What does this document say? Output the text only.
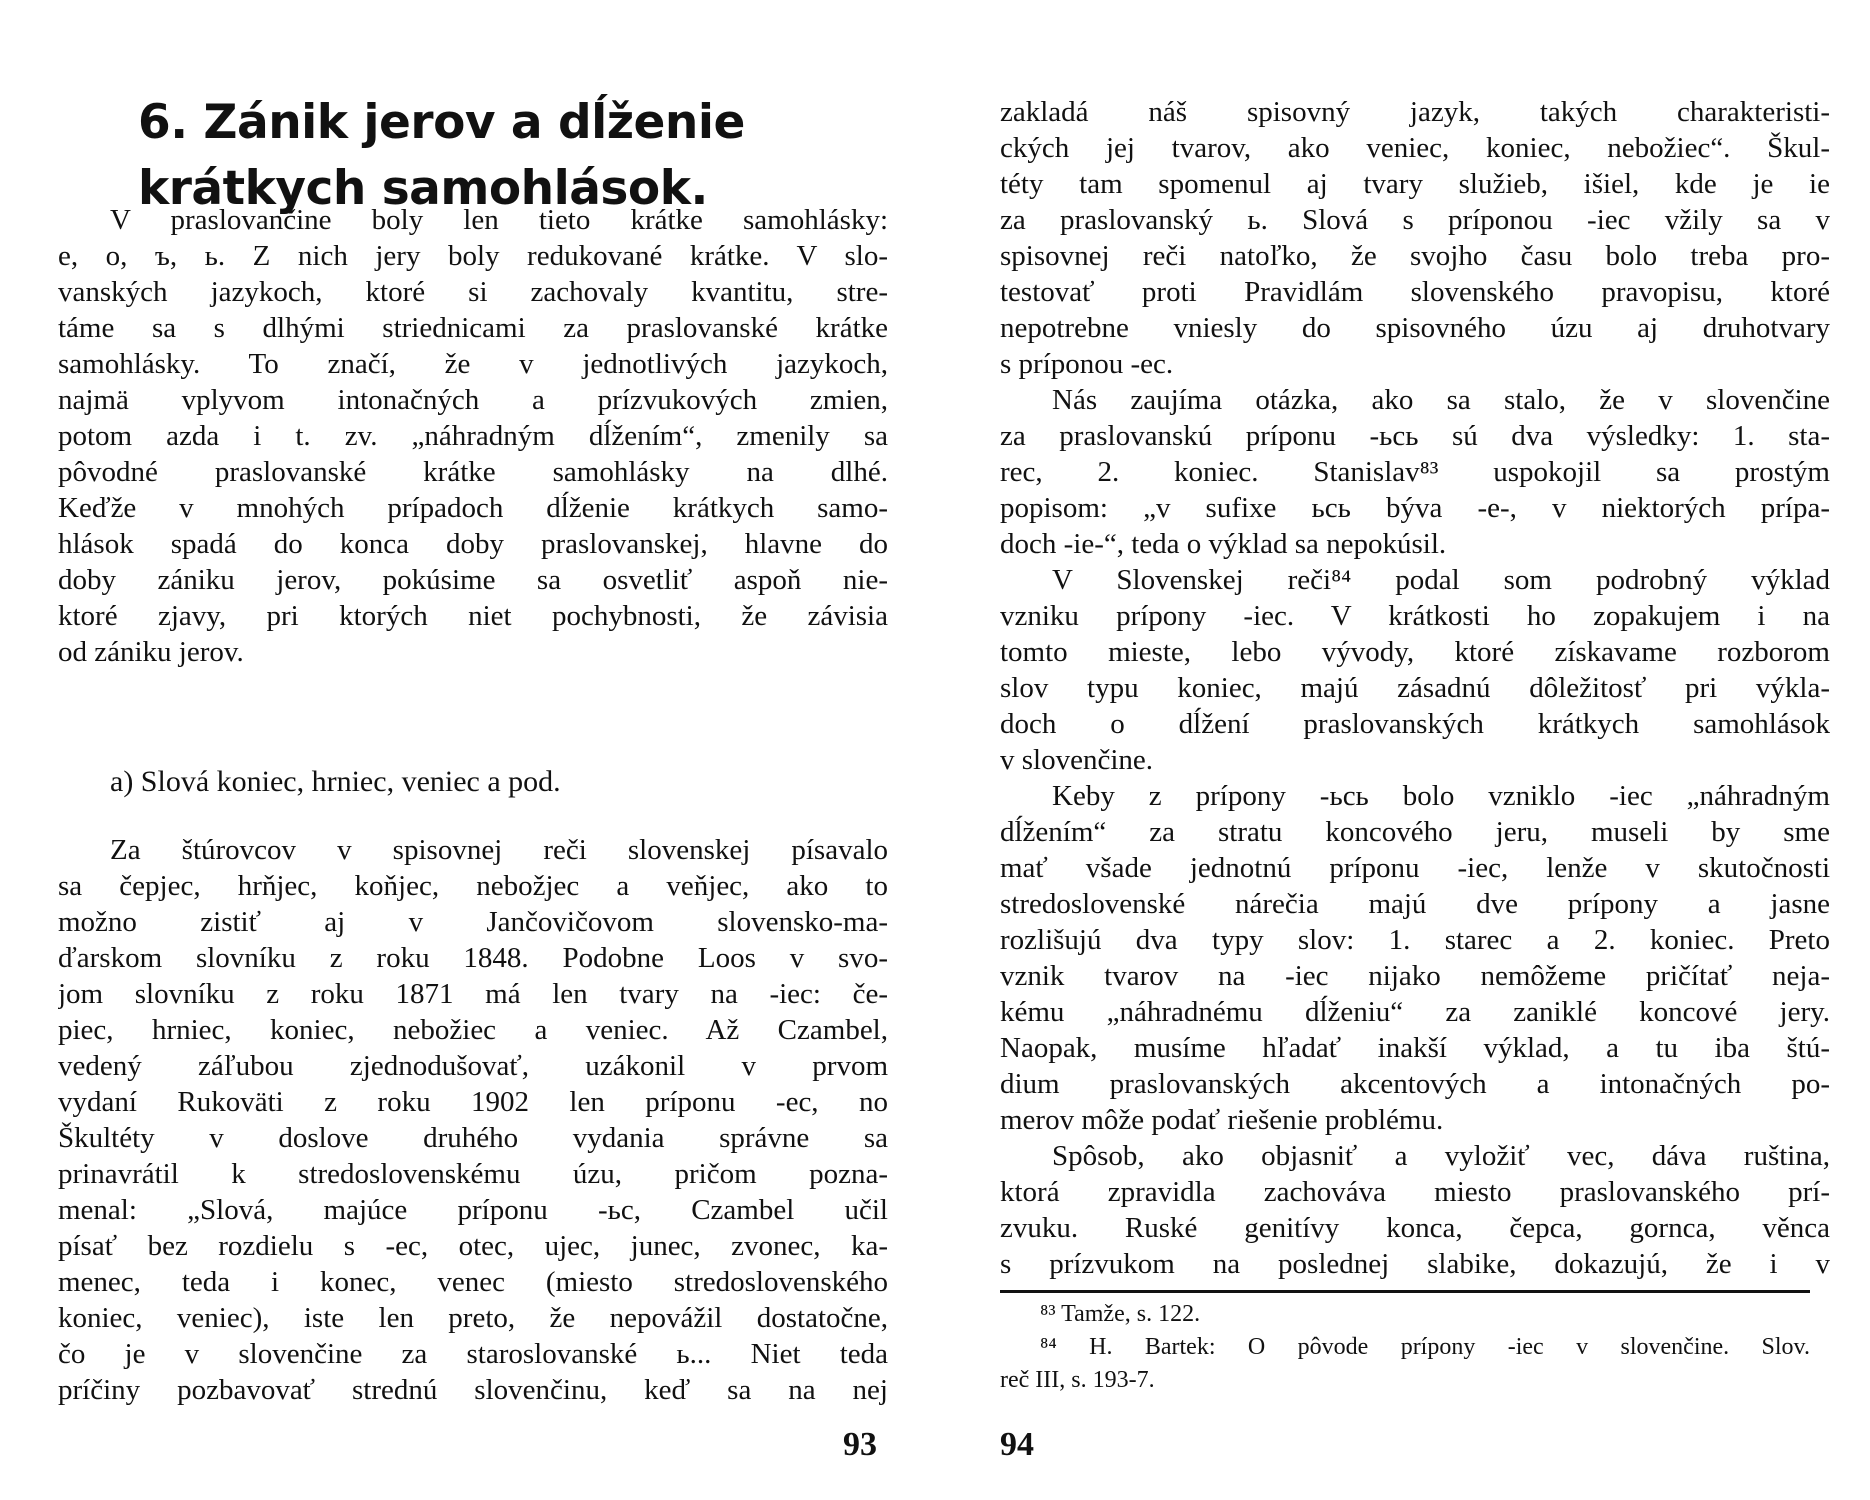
6. Zánik jerov a dĺženie krátkych samohlások.
V praslovančine boly len tieto krátke samohlásky:
e, o, ъ, ь. Z nich jery boly redukované krátke. V slo-
vanských jazykoch, ktoré si zachovaly kvantitu, stre-
táme sa s dlhými striednicami za praslovanské krátke
samohlásky. To značí, že v jednotlivých jazykoch,
najmä vplyvom intonačných a prízvukových zmien,
potom azda i t. zv. „náhradným dĺžením“, zmenily sa
pôvodné praslovanské krátke samohlásky na dlhé.
Keďže v mnohých prípadoch dĺženie krátkych samo-
hlások spadá do konca doby praslovanskej, hlavne do
doby zániku jerov, pokúsime sa osvetliť aspoň nie-
ktoré zjavy, pri ktorých niet pochybnosti, že závisia
od zániku jerov.
a) Slová koniec, hrniec, veniec a pod.
Za štúrovcov v spisovnej reči slovenskej písavalo
sa čepjec, hrňjec, koňjec, nebožjec a veňjec, ako to
možno zistiť aj v Jančovičovom slovensko-ma-
ďarskom slovníku z roku 1848. Podobne Loos v svo-
jom slovníku z roku 1871 má len tvary na -iec: če-
piec, hrniec, koniec, nebožiec a veniec. Až Czambel,
vedený záľubou zjednodušovať, uzákonil v prvom
vydaní Rukoväti z roku 1902 len príponu -ec, no
Škultéty v doslove druhého vydania správne sa
prinavrátil k stredoslovenskému úzu, pričom pozna-
menal: „Slová, majúce príponu -ьc, Czambel učil
písať bez rozdielu s -ec, otec, ujec, junec, zvonec, ka-
menec, teda i konec, venec (miesto stredoslovenského
koniec, veniec), iste len preto, že nepovážil dostatočne,
čo je v slovenčine za staroslovanské ь... Niet teda
príčiny pozbavovať strednú slovenčinu, keď sa na nej
93
zakladá náš spisovný jazyk, takých charakteristi-
ckých jej tvarov, ako veniec, koniec, nebožiec“. Škul-
téty tam spomenul aj tvary služieb, išiel, kde je ie
za praslovanský ь. Slová s príponou -iec vžily sa v
spisovnej reči natoľko, že svojho času bolo treba pro-
testovať proti Pravidlám slovenského pravopisu, ktoré
nepotrebne vniesly do spisovného úzu aj druhotvary
s príponou -ec.
Nás zaujíma otázka, ako sa stalo, že v slovenčine
za praslovanskú príponu -ьcь sú dva výsledky: 1. sta-
rec, 2. koniec. Stanislav⁸³ uspokojil sa prostým
popisom: „v sufixe ьcь býva -e-, v niektorých prípa-
doch -ie-“, teda o výklad sa nepokúsil.
V Slovenskej reči⁸⁴ podal som podrobný výklad
vzniku prípony -iec. V krátkosti ho zopakujem i na
tomto mieste, lebo vývody, ktoré získavame rozborom
slov typu koniec, majú zásadnú dôležitosť pri výkla-
doch o dĺžení praslovanských krátkych samohlások
v slovenčine.
Keby z prípony -ьcь bolo vzniklo -iec „náhradným
dĺžením“ za stratu koncového jeru, museli by sme
mať všade jednotnú príponu -iec, lenže v skutočnosti
stredoslovenské nárečia majú dve prípony a jasne
rozlišujú dva typy slov: 1. starec a 2. koniec. Preto
vznik tvarov na -iec nijako nemôžeme pričítať neja-
kému „náhradnému dĺženiu“ za zaniklé koncové jery.
Naopak, musíme hľadať inakší výklad, a tu iba štú-
dium praslovanských akcentových a intonačných po-
merov môže podať riešenie problému.
Spôsob, ako objasniť a vyložiť vec, dáva ruština,
ktorá zpravidla zachováva miesto praslovanského prí-
zvuku. Ruské genitívy konca, čepca, gornca, věnca
s prízvukom na poslednej slabike, dokazujú, že i v
⁸³ Tamže, s. 122.
⁸⁴ H. Bartek: O pôvode prípony -iec v slovenčine. Slov.
reč III, s. 193-7.
94
